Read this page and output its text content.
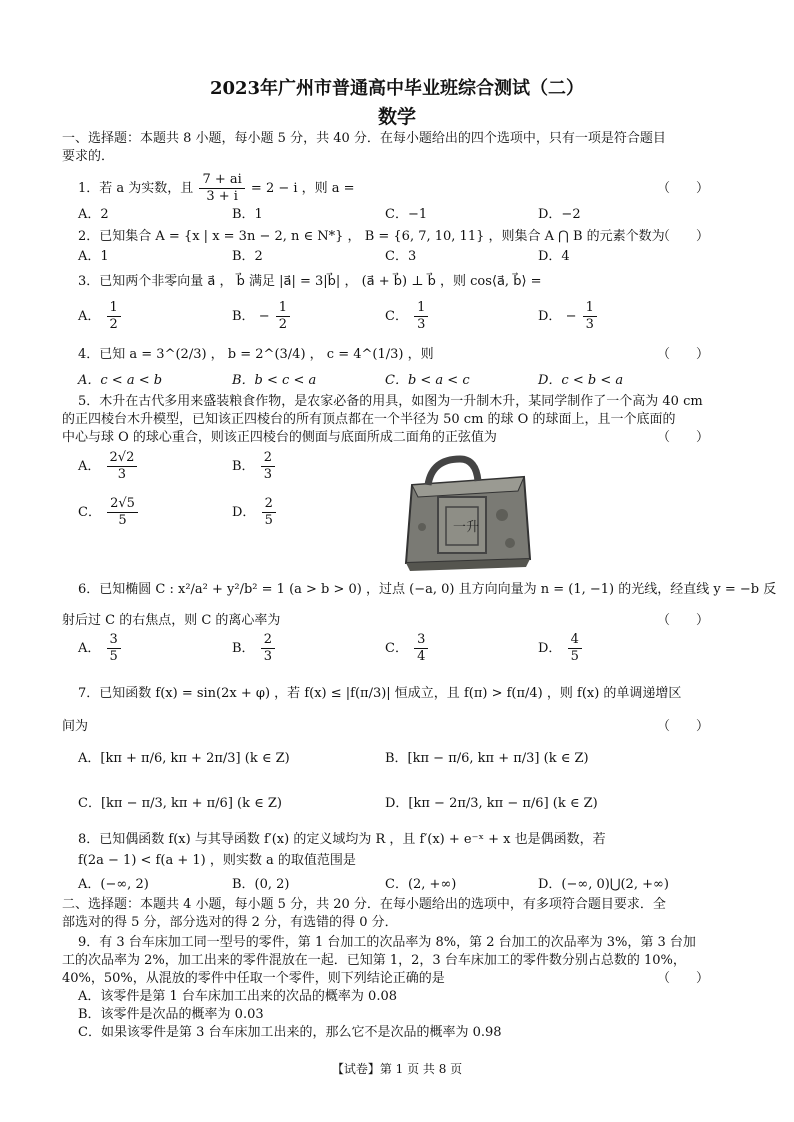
2023年广州市普通高中毕业班综合测试（二）
数学
一、选择题：本题共 8 小题，每小题 5 分，共 40 分．在每小题给出的四个选项中，只有一项是符合题目
要求的．
1．若 a 为实数，且 $\frac{7 + ai}{3 + i} = 2 - i$ ，则 a =	（　　）
A．2	B．1	C．−1	D．−2
2．已知集合 A = {x | x = 3n − 2, n ∈ N*} ， B = {6, 7, 10, 11} ，则集合 A ⋂ B 的元素个数为
（　　）
A．1	B．2	C．3	D．4
3．已知两个非零向量 a⃗ ， b⃗ 满足 |a⃗| = 3|b⃗| ， (a⃗ + b⃗) ⊥ b⃗ ，则 cos⟨a⃗, b⃗⟩ =
A． $\frac{1}{2}$	B． − $\frac{1}{2}$	C． $\frac{1}{3}$	D． − $\frac{1}{3}$
4．已知 a = 3^(2/3) ， b = 2^(3/4) ， c = 4^(1/3) ，则	（　　）
A．c < a < b	B．b < c < a	C．b < a < c	D．c < b < a
5．木升在古代多用来盛装粮食作物，是农家必备的用具，如图为一升制木升，某同学制作了一个高为 40 cm
的正四棱台木升模型，已知该正四棱台的所有顶点都在一个半径为 50 cm 的球 O 的球面上，且一个底面的
中心与球 O 的球心重合，则该正四棱台的侧面与底面所成二面角的正弦值为	（　　）
A． $\frac{2√2}{3}$	B． $\frac{2}{3}$
C． $\frac{2√5}{5}$	D． $\frac{2}{5}$	一升
6．已知椭圆 C : x²/a² + y²/b² = 1 (a > b > 0) ，过点 (−a, 0) 且方向向量为 n = (1, −1) 的光线，经直线 y = −b 反
射后过 C 的右焦点，则 C 的离心率为	（　　）
A． $\frac{3}{5}$	B． $\frac{2}{3}$	C． $\frac{3}{4}$	D． $\frac{4}{5}$
7．已知函数 f(x) = sin(2x + φ) ，若 f(x) ≤ |f(π/3)| 恒成立，且 f(π) > f(π/4) ，则 f(x) 的单调递增区
间为	（　　）
A．[kπ + π/6, kπ + 2π/3] (k ∈ Z)	B．[kπ − π/6, kπ + π/3] (k ∈ Z)
C．[kπ − π/3, kπ + π/6] (k ∈ Z)	D．[kπ − 2π/3, kπ − π/6] (k ∈ Z)
8．已知偶函数 f(x) 与其导函数 f′(x) 的定义域均为 R ，且 f′(x) + e⁻ˣ + x 也是偶函数，若
f(2a − 1) < f(a + 1) ，则实数 a 的取值范围是
A．(−∞, 2)	B．(0, 2)	C．(2, +∞)	D．(−∞, 0)⋃(2, +∞)
二、选择题：本题共 4 小题，每小题 5 分，共 20 分．在每小题给出的选项中，有多项符合题目要求．全
部选对的得 5 分，部分选对的得 2 分，有选错的得 0 分．
9．有 3 台车床加工同一型号的零件，第 1 台加工的次品率为 8%，第 2 台加工的次品率为 3%，第 3 台加
工的次品率为 2%，加工出来的零件混放在一起．已知第 1，2，3 台车床加工的零件数分别占总数的 10%，
40%，50%，从混放的零件中任取一个零件，则下列结论正确的是	（　　）
A．该零件是第 1 台车床加工出来的次品的概率为 0.08
B．该零件是次品的概率为 0.03
C．如果该零件是第 3 台车床加工出来的，那么它不是次品的概率为 0.98
【试卷】第 1 页 共 8 页
